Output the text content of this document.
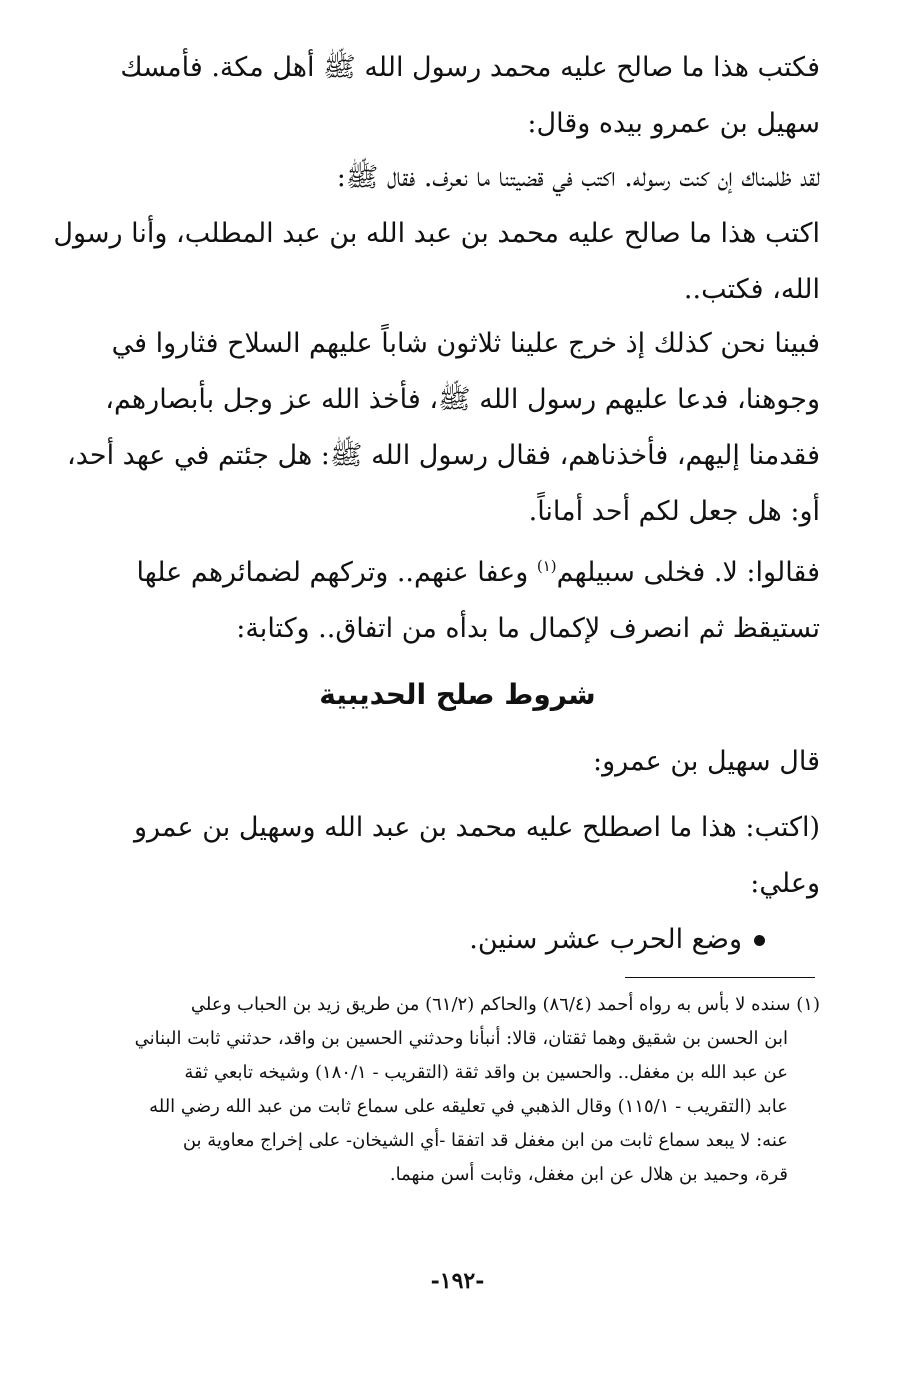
فكتب هذا ما صالح عليه محمد رسول الله ﷺ أهل مكة. فأمسك
سهيل بن عمرو بيده وقال:
لقد ظلمناك إن كنت رسوله. اكتب في قضيتنا ما نعرف. فقال ﷺ:
اكتب هذا ما صالح عليه محمد بن عبد الله بن عبد المطلب، وأنا رسول
الله، فكتب..
فبينا نحن كذلك إذ خرج علينا ثلاثون شاباً عليهم السلاح فثاروا في
وجوهنا، فدعا عليهم رسول الله ﷺ، فأخذ الله عز وجل بأبصارهم،
فقدمنا إليهم، فأخذناهم، فقال رسول الله ﷺ: هل جئتم في عهد أحد،
أو: هل جعل لكم أحد أماناً.
فقالوا: لا. فخلى سبيلهم$^{(١)}$ وعفا عنهم.. وتركهم لضمائرهم علها
تستيقظ ثم انصرف لإكمال ما بدأه من اتفاق.. وكتابة:
شروط صلح الحديبية
قال سهيل بن عمرو:
(اكتب: هذا ما اصطلح عليه محمد بن عبد الله وسهيل بن عمرو
وعلي:
وضع الحرب عشر سنين.
(١) سنده لا بأس به رواه أحمد (٨٦/٤) والحاكم (٦١/٢) من طريق زيد بن الحباب وعلي
ابن الحسن بن شقيق وهما ثقتان، قالا: أنبأنا وحدثني الحسين بن واقد، حدثني ثابت البناني
عن عبد الله بن مغفل.. والحسين بن واقد ثقة (التقريب - ١٨٠/١) وشيخه تابعي ثقة
عابد (التقريب - ١١٥/١) وقال الذهبي في تعليقه على سماع ثابت من عبد الله رضي الله
عنه: لا يبعد سماع ثابت من ابن مغفل قد اتفقا -أي الشيخان- على إخراج معاوية بن
قرة، وحميد بن هلال عن ابن مغفل، وثابت أسن منهما.
-١٩٢-
